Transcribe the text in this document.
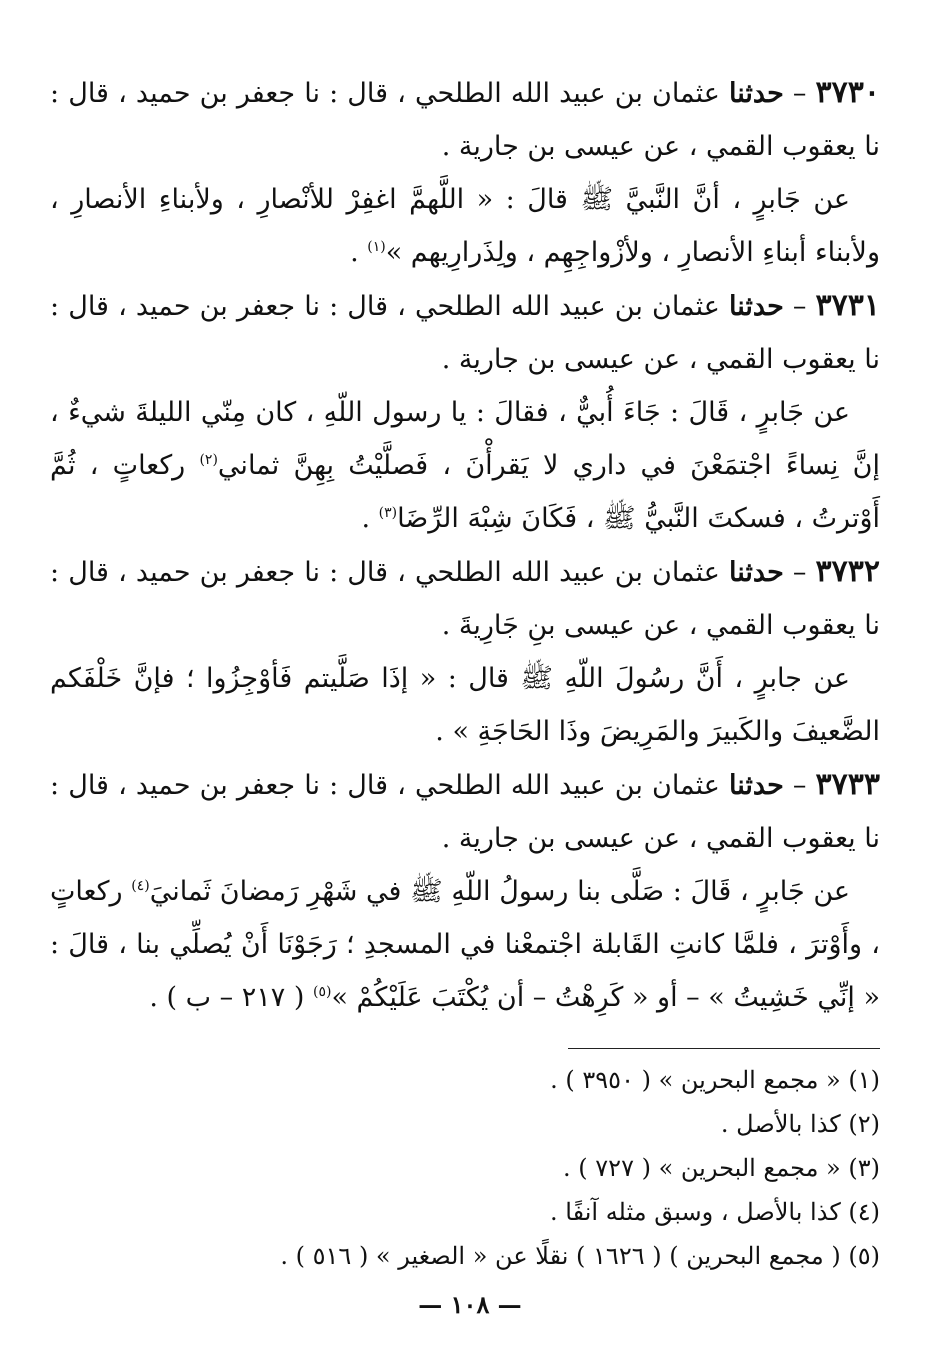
٣٧٣٠ – حدثنا عثمان بن عبيد الله الطلحي ، قال : نا جعفر بن حميد ، قال : نا يعقوب القمي ، عن عيسى بن جارية .

عن جَابرٍ ، أنَّ النَّبيَّ ﷺ قالَ : « اللَّهمَّ اغفِرْ للأنْصارِ ، ولأبناءِ الأنصارِ ، ولأبناء أبناءِ الأنصارِ ، ولأزْواجِهِم ، ولِذَرارِيهم »$^{(١)}$ .

٣٧٣١ – حدثنا عثمان بن عبيد الله الطلحي ، قال : نا جعفر بن حميد ، قال : نا يعقوب القمي ، عن عيسى بن جارية .

عن جَابرٍ ، قَالَ : جَاءَ أُبيٌّ ، فقالَ : يا رسول اللّهِ ، كان مِنّي الليلةَ شيءٌ ، إنَّ نِساءً اجْتمَعْنَ في داري لا يَقرأْنَ ، فَصلَّيْتُ بِهِنَّ ثماني$^{(٢)}$ ركعاتٍ ، ثُمَّ أَوْترتُ ، فسكتَ النَّبيُّ ﷺ ، فَكَانَ شِبْهَ الرِّضَا$^{(٣)}$ .

٣٧٣٢ – حدثنا عثمان بن عبيد الله الطلحي ، قال : نا جعفر بن حميد ، قال : نا يعقوب القمي ، عن عيسى بنِ جَارِيةَ .

عن جابرٍ ، أَنَّ رسُولَ اللّهِ ﷺ قال : « إذَا صَلَّيتم فَأوْجِزُوا ؛ فإنَّ خَلْفَكم الضَّعيفَ والكَبيرَ والمَرِيضَ وذَا الحَاجَةِ » .

٣٧٣٣ – حدثنا عثمان بن عبيد الله الطلحي ، قال : نا جعفر بن حميد ، قال : نا يعقوب القمي ، عن عيسى بن جارية .

عن جَابرٍ ، قَالَ : صَلَّى بنا رسولُ اللّهِ ﷺ في شَهْرِ رَمضانَ ثَمانيَ$^{(٤)}$ ركعاتٍ ، وأَوْترَ ، فلمَّا كانتِ القَابلة اجْتمعْنا في المسجدِ ؛ رَجَوْنَا أَنْ يُصلِّي بنا ، قالَ : « إنِّي خَشِيتُ » – أو « كَرِهْتُ – أن يُكْتَبَ عَلَيْكُمْ »$^{(٥)}$ ( ٢١٧ – ب ) .

(١) « مجمع البحرين » ( ٣٩٥٠ ) .

(٢) كذا بالأصل .

(٣) « مجمع البحرين » ( ٧٢٧ ) .

(٤) كذا بالأصل ، وسبق مثله آنفًا .

(٥) ( مجمع البحرين ) ( ١٦٢٦ ) نقلًا عن « الصغير » ( ٥١٦ ) .

— ١٠٨ —
